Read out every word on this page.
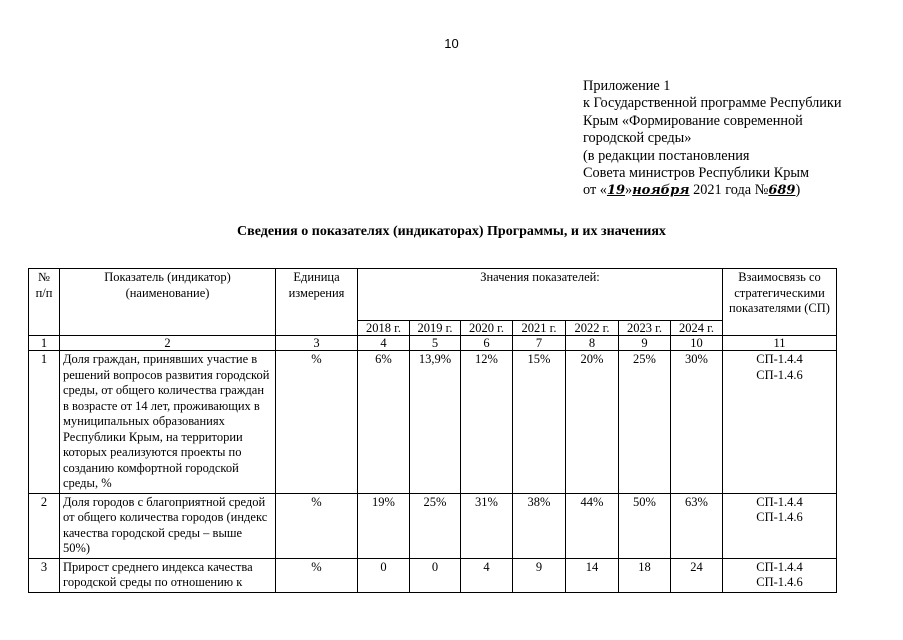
10
Приложение 1
к Государственной программе Республики
Крым «Формирование современной
городской среды»
(в редакции постановления
Совета министров Республики Крым
от «19»ноября 2021 года №689)
Сведения о показателях (индикаторах) Программы, и их значениях
№ п/п	Показатель (индикатор) (наименование)	Единица измерения	Значения показателей:							Взаимосвязь со стратегическими показателями (СП)
			2018 г.	2019 г.	2020 г.	2021 г.	2022 г.	2023 г.	2024 г.	
1	2	3	4	5	6	7	8	9	10	11
1	Доля граждан, принявших участие в решений вопросов развития городской среды, от общего количества граждан в возрасте от 14 лет, проживающих в муниципальных образованиях Республики Крым, на территории которых реализуются проекты по созданию комфортной городской среды, %	%	6%	13,9%	12%	15%	20%	25%	30%	СП-1.4.4
СП-1.4.6

2	Доля городов с благоприятной средой от общего количества городов (индекс качества городской среды – выше 50%)	%	19%	25%	31%	38%	44%	50%	63%	СП-1.4.4
СП-1.4.6

3	Прирост среднего индекса качества городской среды по отношению к	%	0	0	4	9	14	18	24	СП-1.4.4
СП-1.4.6
